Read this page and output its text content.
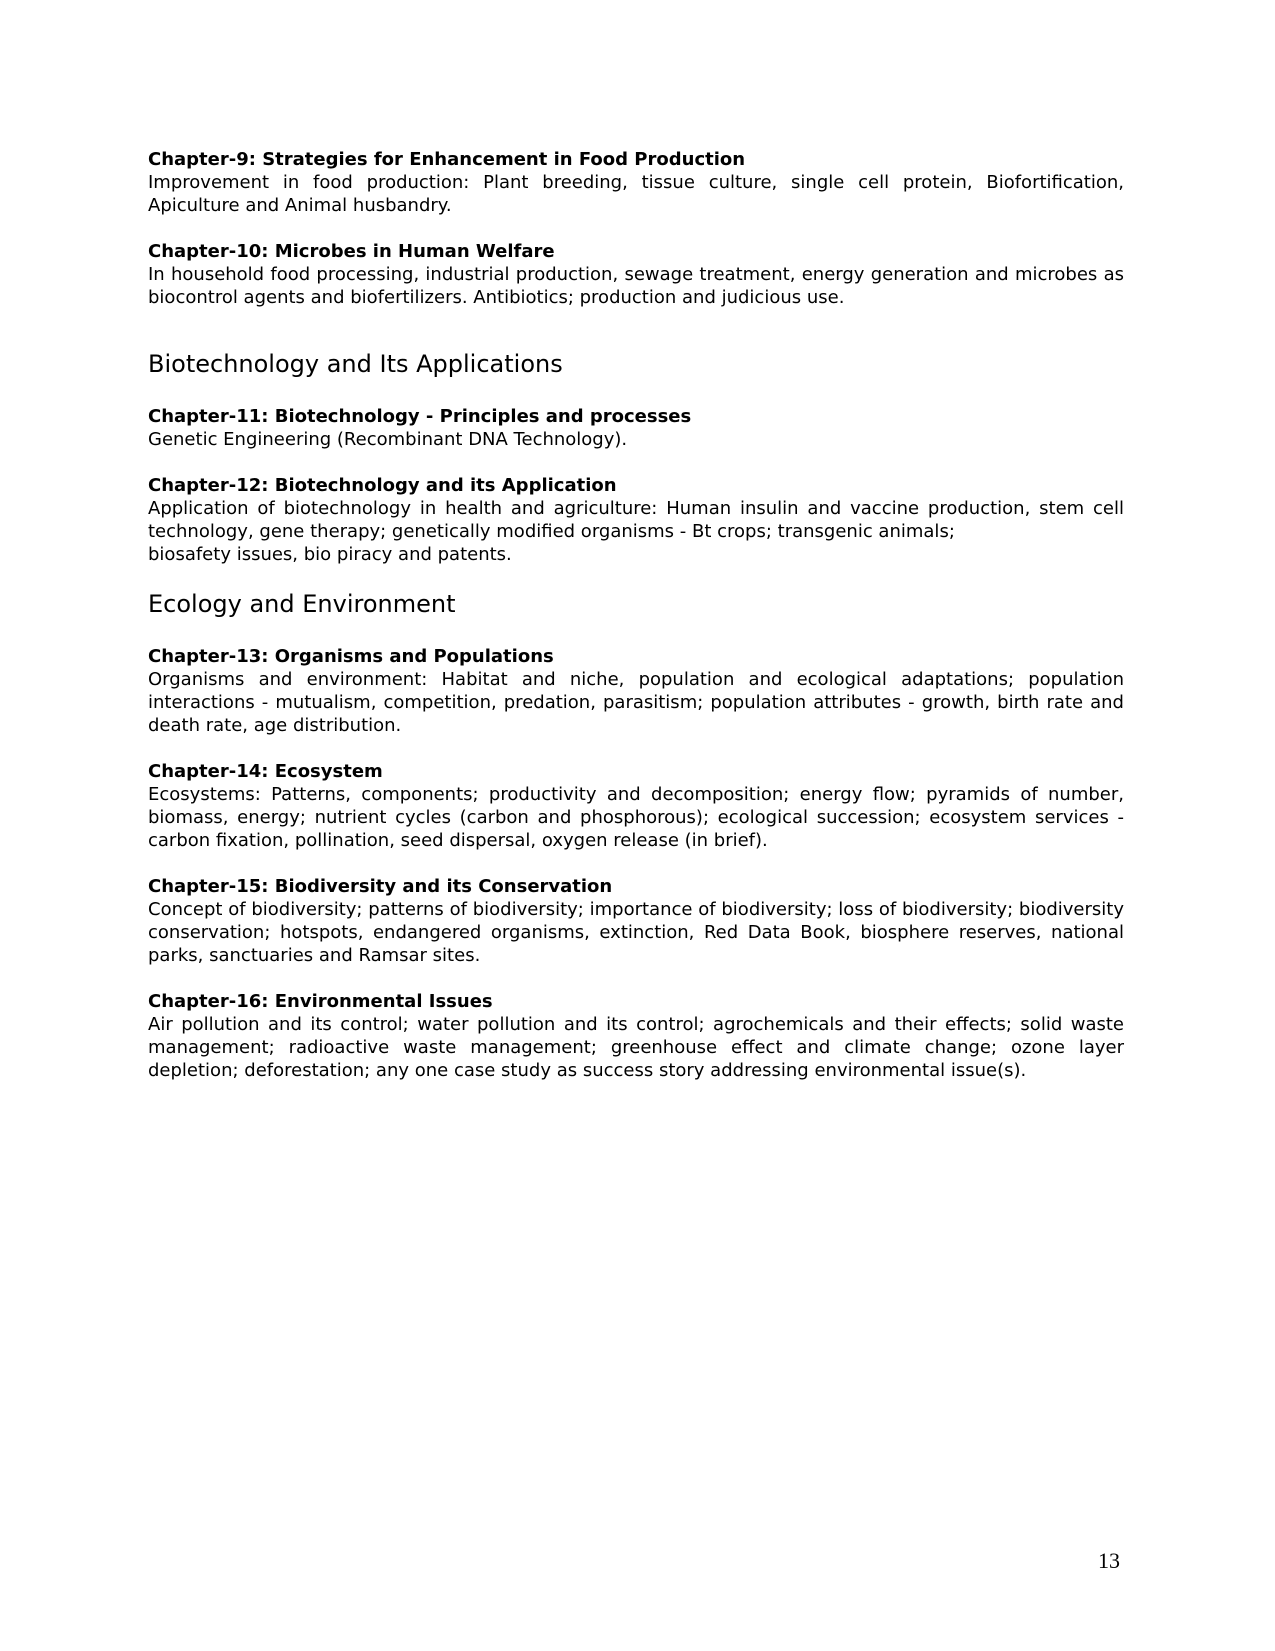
Chapter-9: Strategies for Enhancement in Food Production

Improvement in food production: Plant breeding, tissue culture, single cell protein, Biofortification, Apiculture and Animal husbandry.

Chapter-10: Microbes in Human Welfare

In household food processing, industrial production, sewage treatment, energy generation and microbes as biocontrol agents and biofertilizers. Antibiotics; production and judicious use.

Biotechnology and Its Applications
Chapter-11: Biotechnology - Principles and processes

Genetic Engineering (Recombinant DNA Technology).

Chapter-12: Biotechnology and its Application

Application of biotechnology in health and agriculture: Human insulin and vaccine production, stem cell technology, gene therapy; genetically modified organisms - Bt crops; transgenic animals;

biosafety issues, bio piracy and patents.

Ecology and Environment
Chapter-13: Organisms and Populations

Organisms and environment: Habitat and niche, population and ecological adaptations; population interactions - mutualism, competition, predation, parasitism; population attributes - growth, birth rate and death rate, age distribution.

Chapter-14: Ecosystem

Ecosystems: Patterns, components; productivity and decomposition; energy flow; pyramids of number, biomass, energy; nutrient cycles (carbon and phosphorous); ecological succession; ecosystem services - carbon fixation, pollination, seed dispersal, oxygen release (in brief).

Chapter-15: Biodiversity and its Conservation

Concept of biodiversity; patterns of biodiversity; importance of biodiversity; loss of biodiversity; biodiversity conservation; hotspots, endangered organisms, extinction, Red Data Book, biosphere reserves, national parks, sanctuaries and Ramsar sites.

Chapter-16: Environmental Issues

Air pollution and its control; water pollution and its control; agrochemicals and their effects; solid waste management; radioactive waste management; greenhouse effect and climate change; ozone layer depletion; deforestation; any one case study as success story addressing environmental issue(s).

13
